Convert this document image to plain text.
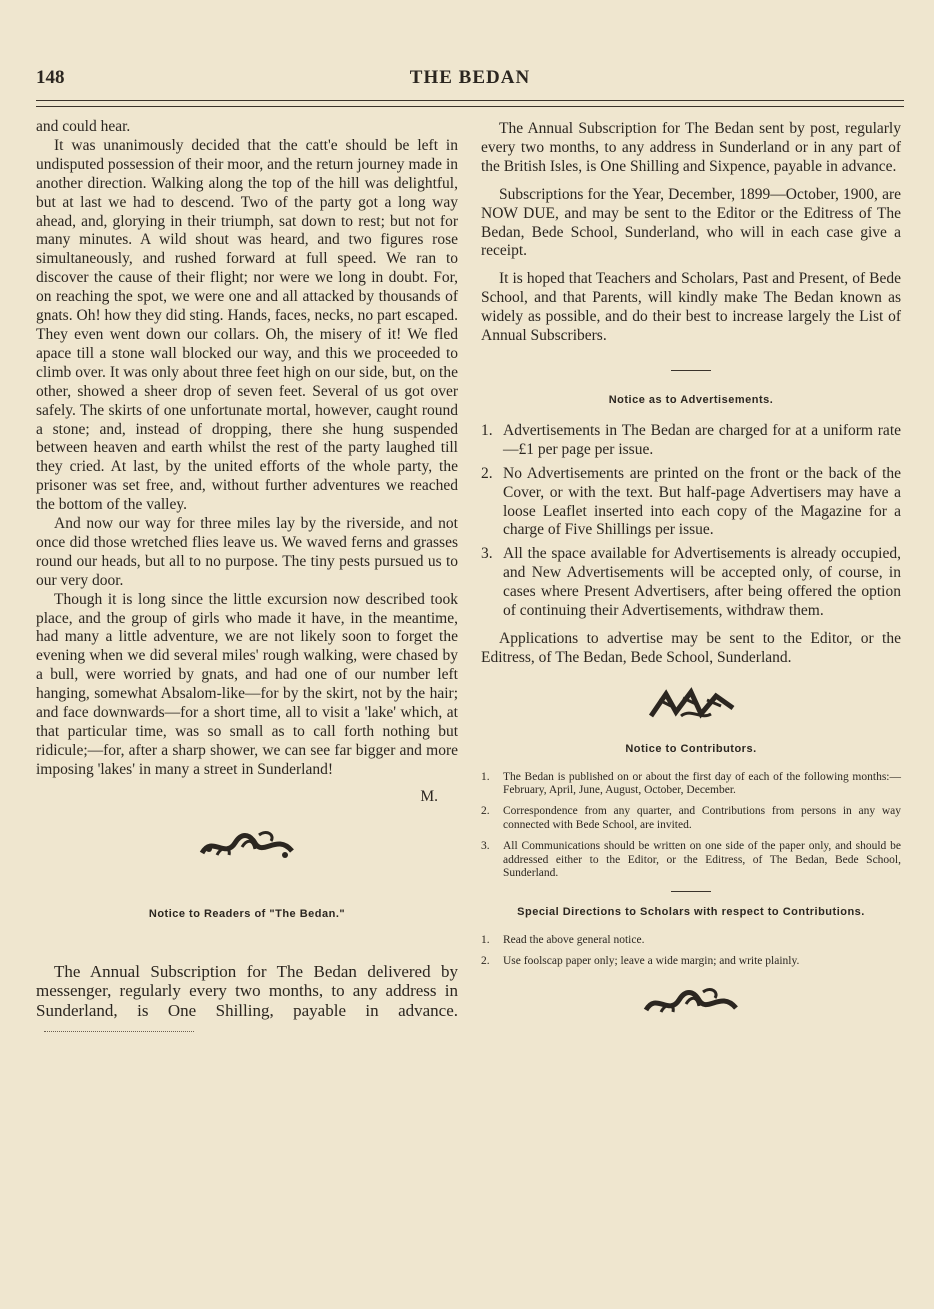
148	THE BEDAN

and could hear.

It was unanimously decided that the catt'e should be left in undisputed possession of their moor, and the return journey made in another direction. Walking along the top of the hill was delightful, but at last we had to descend. Two of the party got a long way ahead, and, glorying in their triumph, sat down to rest; but not for many minutes. A wild shout was heard, and two figures rose simultaneously, and rushed forward at full speed. We ran to discover the cause of their flight; nor were we long in doubt. For, on reaching the spot, we were one and all attacked by thousands of gnats. Oh! how they did sting. Hands, faces, necks, no part escaped. They even went down our collars. Oh, the misery of it! We fled apace till a stone wall blocked our way, and this we proceeded to climb over. It was only about three feet high on our side, but, on the other, showed a sheer drop of seven feet. Several of us got over safely. The skirts of one unfortunate mortal, however, caught round a stone; and, instead of dropping, there she hung suspended between heaven and earth whilst the rest of the party laughed till they cried. At last, by the united efforts of the whole party, the prisoner was set free, and, without further adventures we reached the bottom of the valley.

And now our way for three miles lay by the riverside, and not once did those wretched flies leave us. We waved ferns and grasses round our heads, but all to no purpose. The tiny pests pursued us to our very door.

Though it is long since the little excursion now described took place, and the group of girls who made it have, in the meantime, had many a little adventure, we are not likely soon to forget the evening when we did several miles' rough walking, were chased by a bull, were worried by gnats, and had one of our number left hanging, somewhat Absalom-like—for by the skirt, not by the hair; and face downwards—for a short time, all to visit a 'lake' which, at that particular time, was so small as to call forth nothing but ridicule;—for, after a sharp shower, we can see far bigger and more imposing 'lakes' in many a street in Sunderland!

M.
Notice to Readers of "The Bedan."

The Annual Subscription for The Bedan delivered by messenger, regularly every two months, to any address in Sunderland, is One Shilling, payable in advance.

The Annual Subscription for The Bedan sent by post, regularly every two months, to any address in Sunderland or in any part of the British Isles, is One Shilling and Sixpence, payable in advance.

Subscriptions for the Year, December, 1899—October, 1900, are NOW DUE, and may be sent to the Editor or the Editress of The Bedan, Bede School, Sunderland, who will in each case give a receipt.

It is hoped that Teachers and Scholars, Past and Present, of Bede School, and that Parents, will kindly make The Bedan known as widely as possible, and do their best to increase largely the List of Annual Subscribers.

Notice as to Advertisements.
1. Advertisements in The Bedan are charged for at a uniform rate—£1 per page per issue.
2. No Advertisements are printed on the front or the back of the Cover, or with the text. But half-page Advertisers may have a loose Leaflet inserted into each copy of the Magazine for a charge of Five Shillings per issue.
3. All the space available for Advertisements is already occupied, and New Advertisements will be accepted only, of course, in cases where Present Advertisers, after being offered the option of continuing their Advertisements, withdraw them.

Applications to advertise may be sent to the Editor, or the Editress, of The Bedan, Bede School, Sunderland.

Notice to Contributors.
1. The Bedan is published on or about the first day of each of the following months:—February, April, June, August, October, December.
2. Correspondence from any quarter, and Contributions from persons in any way connected with Bede School, are invited.
3. All Communications should be written on one side of the paper only, and should be addressed either to the Editor, or the Editress, of The Bedan, Bede School, Sunderland.
Special Directions to Scholars with respect to Contributions.
1. Read the above general notice.
2. Use foolscap paper only; leave a wide margin; and write plainly.
